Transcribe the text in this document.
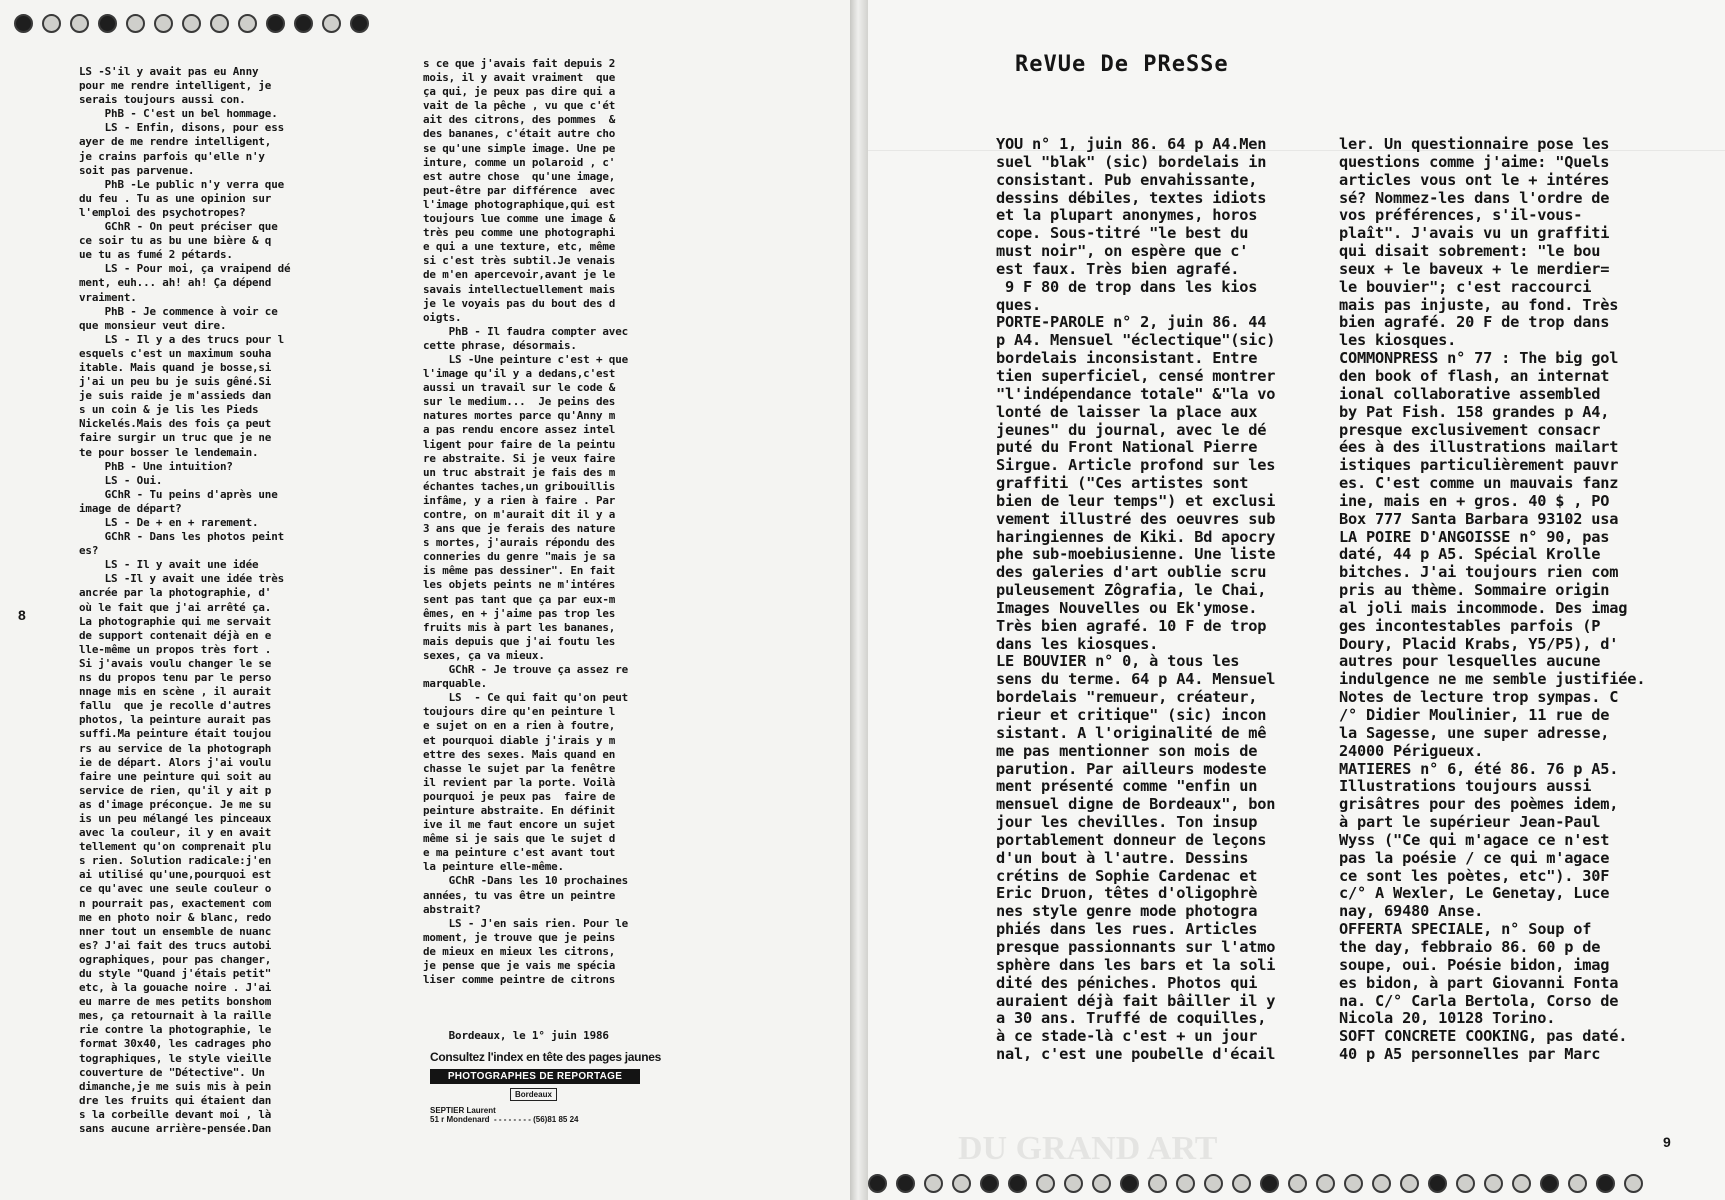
LS -S'il y avait pas eu Anny
pour me rendre intelligent, je
serais toujours aussi con.
PhB - C'est un bel hommage.
LS - Enfin, disons, pour ess
ayer de me rendre intelligent,
je crains parfois qu'elle n'y
soit pas parvenue.
PhB -Le public n'y verra que
du feu . Tu as une opinion sur
l'emploi des psychotropes?
GChR - On peut préciser que
ce soir tu as bu une bière & q
ue tu as fumé 2 pétards.
LS - Pour moi, ça vraipend dé
ment, euh... ah! ah! Ça dépend
vraiment.
PhB - Je commence à voir ce
que monsieur veut dire.
LS - Il y a des trucs pour l
esquels c'est un maximum souha
itable. Mais quand je bosse,si
j'ai un peu bu je suis gêné.Si
je suis raide je m'assieds dan
s un coin & je lis les Pieds
Nickelés.Mais des fois ça peut
faire surgir un truc que je ne
te pour bosser le lendemain.
PhB - Une intuition?
LS - Oui.
GChR - Tu peins d'après une
image de départ?
LS - De + en + rarement.
GChR - Dans les photos peint
es?
LS - Il y avait une idée
LS -Il y avait une idée très
ancrée par la photographie, d'
où le fait que j'ai arrêté ça.
La photographie qui me servait
de support contenait déjà en e
lle-même un propos très fort .
Si j'avais voulu changer le se
ns du propos tenu par le perso
nnage mis en scène , il aurait
fallu  que je recolle d'autres
photos, la peinture aurait pas
suffi.Ma peinture était toujou
rs au service de la photograph
ie de départ. Alors j'ai voulu
faire une peinture qui soit au
service de rien, qu'il y ait p
as d'image préconçue. Je me su
is un peu mélangé les pinceaux
avec la couleur, il y en avait
tellement qu'on comprenait plu
s rien. Solution radicale:j'en
ai utilisé qu'une,pourquoi est
ce qu'avec une seule couleur o
n pourrait pas, exactement com
me en photo noir & blanc, redo
nner tout un ensemble de nuanc
es? J'ai fait des trucs autobi
ographiques, pour pas changer,
du style "Quand j'étais petit"
etc, à la gouache noire . J'ai
eu marre de mes petits bonshom
mes, ça retournait à la raille
rie contre la photographie, le
format 30x40, les cadrages pho
tographiques, le style vieille
couverture de "Détective". Un
dimanche,je me suis mis à pein
dre les fruits qui étaient dan
s la corbeille devant moi , là
sans aucune arrière-pensée.Dan
s ce que j'avais fait depuis 2
mois, il y avait vraiment  que
ça qui, je peux pas dire qui a
vait de la pêche , vu que c'ét
ait des citrons, des pommes  &
des bananes, c'était autre cho
se qu'une simple image. Une pe
inture, comme un polaroid , c'
est autre chose  qu'une image,
peut-être par différence  avec
l'image photographique,qui est
toujours lue comme une image &
très peu comme une photographi
e qui a une texture, etc, même
si c'est très subtil.Je venais
de m'en apercevoir,avant je le
savais intellectuellement mais
je le voyais pas du bout des d
oigts.
PhB - Il faudra compter avec
cette phrase, désormais.
LS -Une peinture c'est + que
l'image qu'il y a dedans,c'est
aussi un travail sur le code &
sur le medium...  Je peins des
natures mortes parce qu'Anny m
a pas rendu encore assez intel
ligent pour faire de la peintu
re abstraite. Si je veux faire
un truc abstrait je fais des m
échantes taches,un gribouillis
infâme, y a rien à faire . Par
contre, on m'aurait dit il y a
3 ans que je ferais des nature
s mortes, j'aurais répondu des
conneries du genre "mais je sa
is même pas dessiner". En fait
les objets peints ne m'intéres
sent pas tant que ça par eux-m
êmes, en + j'aime pas trop les
fruits mis à part les bananes,
mais depuis que j'ai foutu les
sexes, ça va mieux.
GChR - Je trouve ça assez re
marquable.
LS  - Ce qui fait qu'on peut
toujours dire qu'en peinture l
e sujet on en a rien à foutre,
et pourquoi diable j'irais y m
ettre des sexes. Mais quand en
chasse le sujet par la fenêtre
il revient par la porte. Voilà
pourquoi je peux pas  faire de
peinture abstraite. En définit
ive il me faut encore un sujet
même si je sais que le sujet d
e ma peinture c'est avant tout
la peinture elle-même.
GChR -Dans les 10 prochaines
années, tu vas être un peintre
abstrait?
LS - J'en sais rien. Pour le
moment, je trouve que je peins
de mieux en mieux les citrons,
je pense que je vais me spécia
liser comme peintre de citrons

Bordeaux, le 1° juin 1986
8
Consultez l'index en tête des pages jaunes
PHOTOGRAPHES DE REPORTAGE
Bordeaux
SEPTIER Laurent
51 r Mondenard  - - - - - - - - (56)81 85 24
DU GRAND ART
ReVUe De PReSSe
YOU n° 1, juin 86. 64 p A4.Men
suel "blak" (sic) bordelais in
consistant. Pub envahissante,
dessins débiles, textes idiots
et la plupart anonymes, horos
cope. Sous-titré "le best du
must noir", on espère que c'
est faux. Très bien agrafé.
9 F 80 de trop dans les kios
ques.
PORTE-PAROLE n° 2, juin 86. 44
p A4. Mensuel "éclectique"(sic)
bordelais inconsistant. Entre
tien superficiel, censé montrer
"l'indépendance totale" &"la vo
lonté de laisser la place aux
jeunes" du journal, avec le dé
puté du Front National Pierre
Sirgue. Article profond sur les
graffiti ("Ces artistes sont
bien de leur temps") et exclusi
vement illustré des oeuvres sub
haringiennes de Kiki. Bd apocry
phe sub-moebiusienne. Une liste
des galeries d'art oublie scru
puleusement Zôgrafia, le Chai,
Images Nouvelles ou Ek'ymose.
Très bien agrafé. 10 F de trop
dans les kiosques.
LE BOUVIER n° 0, à tous les
sens du terme. 64 p A4. Mensuel
bordelais "remueur, créateur,
rieur et critique" (sic) incon
sistant. A l'originalité de mê
me pas mentionner son mois de
parution. Par ailleurs modeste
ment présenté comme "enfin un
mensuel digne de Bordeaux", bon
jour les chevilles. Ton insup
portablement donneur de leçons
d'un bout à l'autre. Dessins
crétins de Sophie Cardenac et
Eric Druon, têtes d'oligophrè
nes style genre mode photogra
phiés dans les rues. Articles
presque passionnants sur l'atmo
sphère dans les bars et la soli
dité des péniches. Photos qui
auraient déjà fait bâiller il y
a 30 ans. Truffé de coquilles,
à ce stade-là c'est + un jour
nal, c'est une poubelle d'écail
ler. Un questionnaire pose les
questions comme j'aime: "Quels
articles vous ont le + intéres
sé? Nommez-les dans l'ordre de
vos préférences, s'il-vous-
plaît". J'avais vu un graffiti
qui disait sobrement: "le bou
seux + le baveux + le merdier=
le bouvier"; c'est raccourci
mais pas injuste, au fond. Très
bien agrafé. 20 F de trop dans
les kiosques.
COMMONPRESS n° 77 : The big gol
den book of flash, an internat
ional collaborative assembled
by Pat Fish. 158 grandes p A4,
presque exclusivement consacr
ées à des illustrations mailart
istiques particulièrement pauvr
es. C'est comme un mauvais fanz
ine, mais en + gros. 40 $ , PO
Box 777 Santa Barbara 93102 usa
LA POIRE D'ANGOISSE n° 90, pas
daté, 44 p A5. Spécial Krolle
bitches. J'ai toujours rien com
pris au thème. Sommaire origin
al joli mais incommode. Des imag
ges incontestables parfois (P
Doury, Placid Krabs, Y5/P5), d'
autres pour lesquelles aucune
indulgence ne me semble justifiée.
Notes de lecture trop sympas. C
/° Didier Moulinier, 11 rue de
la Sagesse, une super adresse,
24000 Périgueux.
MATIERES n° 6, été 86. 76 p A5.
Illustrations toujours aussi
grisâtres pour des poèmes idem,
à part le supérieur Jean-Paul
Wyss ("Ce qui m'agace ce n'est
pas la poésie / ce qui m'agace
ce sont les poètes, etc"). 30F
c/° A Wexler, Le Genetay, Luce
nay, 69480 Anse.
OFFERTA SPECIALE, n° Soup of
the day, febbraio 86. 60 p de
soupe, oui. Poésie bidon, imag
es bidon, à part Giovanni Fonta
na. C/° Carla Bertola, Corso de
Nicola 20, 10128 Torino.
SOFT CONCRETE COOKING, pas daté.
40 p A5 personnelles par Marc
9
